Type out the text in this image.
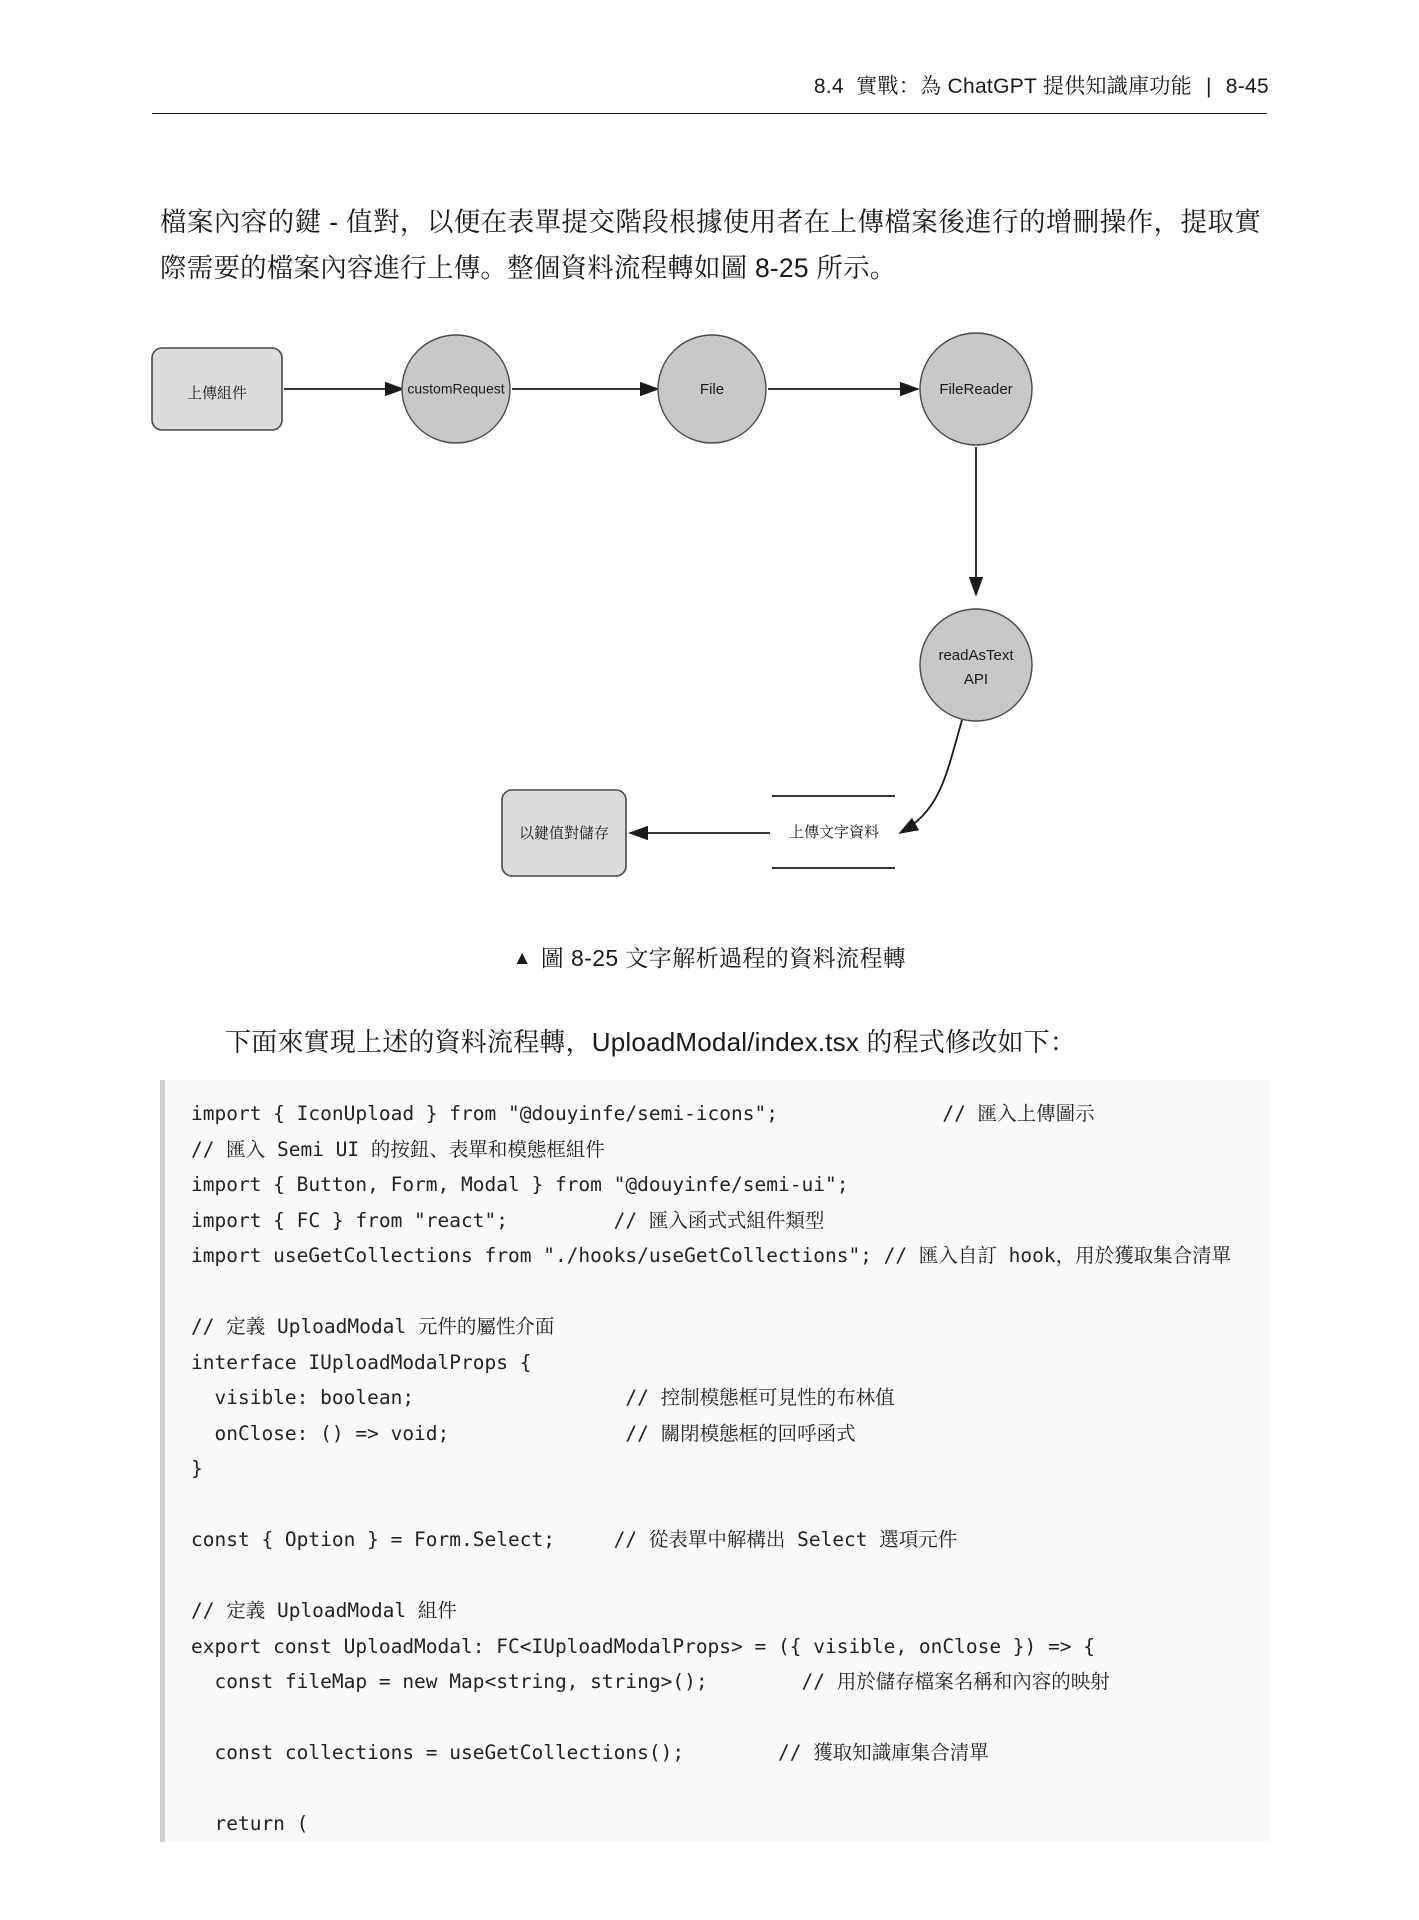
8.4  實戰：為 ChatGPT 提供知識庫功能 | 8-45
檔案內容的鍵 - 值對，以便在表單提交階段根據使用者在上傳檔案後進行的增刪操作，提取實際需要的檔案內容進行上傳。整個資料流程轉如圖 8-25 所示。
上傳組件	customRequest	File	FileReader
readAsText
API
上傳文字資料
以鍵值對儲存
▲ 圖 8-25 文字解析過程的資料流程轉
下面來實現上述的資料流程轉，UploadModal/index.tsx 的程式修改如下：
import { IconUpload } from "@douyinfe/semi-icons";              // 匯入上傳圖示
// 匯入 Semi UI 的按鈕、表單和模態框組件
import { Button, Form, Modal } from "@douyinfe/semi-ui";
import { FC } from "react";         // 匯入函式式組件類型
import useGetCollections from "./hooks/useGetCollections"; // 匯入自訂 hook，用於獲取集合清單
// 定義 UploadModal 元件的屬性介面
interface IUploadModalProps {
visible: boolean;                  // 控制模態框可見性的布林值
onClose: () => void;               // 關閉模態框的回呼函式
}
const { Option } = Form.Select;     // 從表單中解構出 Select 選項元件
// 定義 UploadModal 組件
export const UploadModal: FC<IUploadModalProps> = ({ visible, onClose }) => {
const fileMap = new Map<string, string>();        // 用於儲存檔案名稱和內容的映射
const collections = useGetCollections();        // 獲取知識庫集合清單
return (
